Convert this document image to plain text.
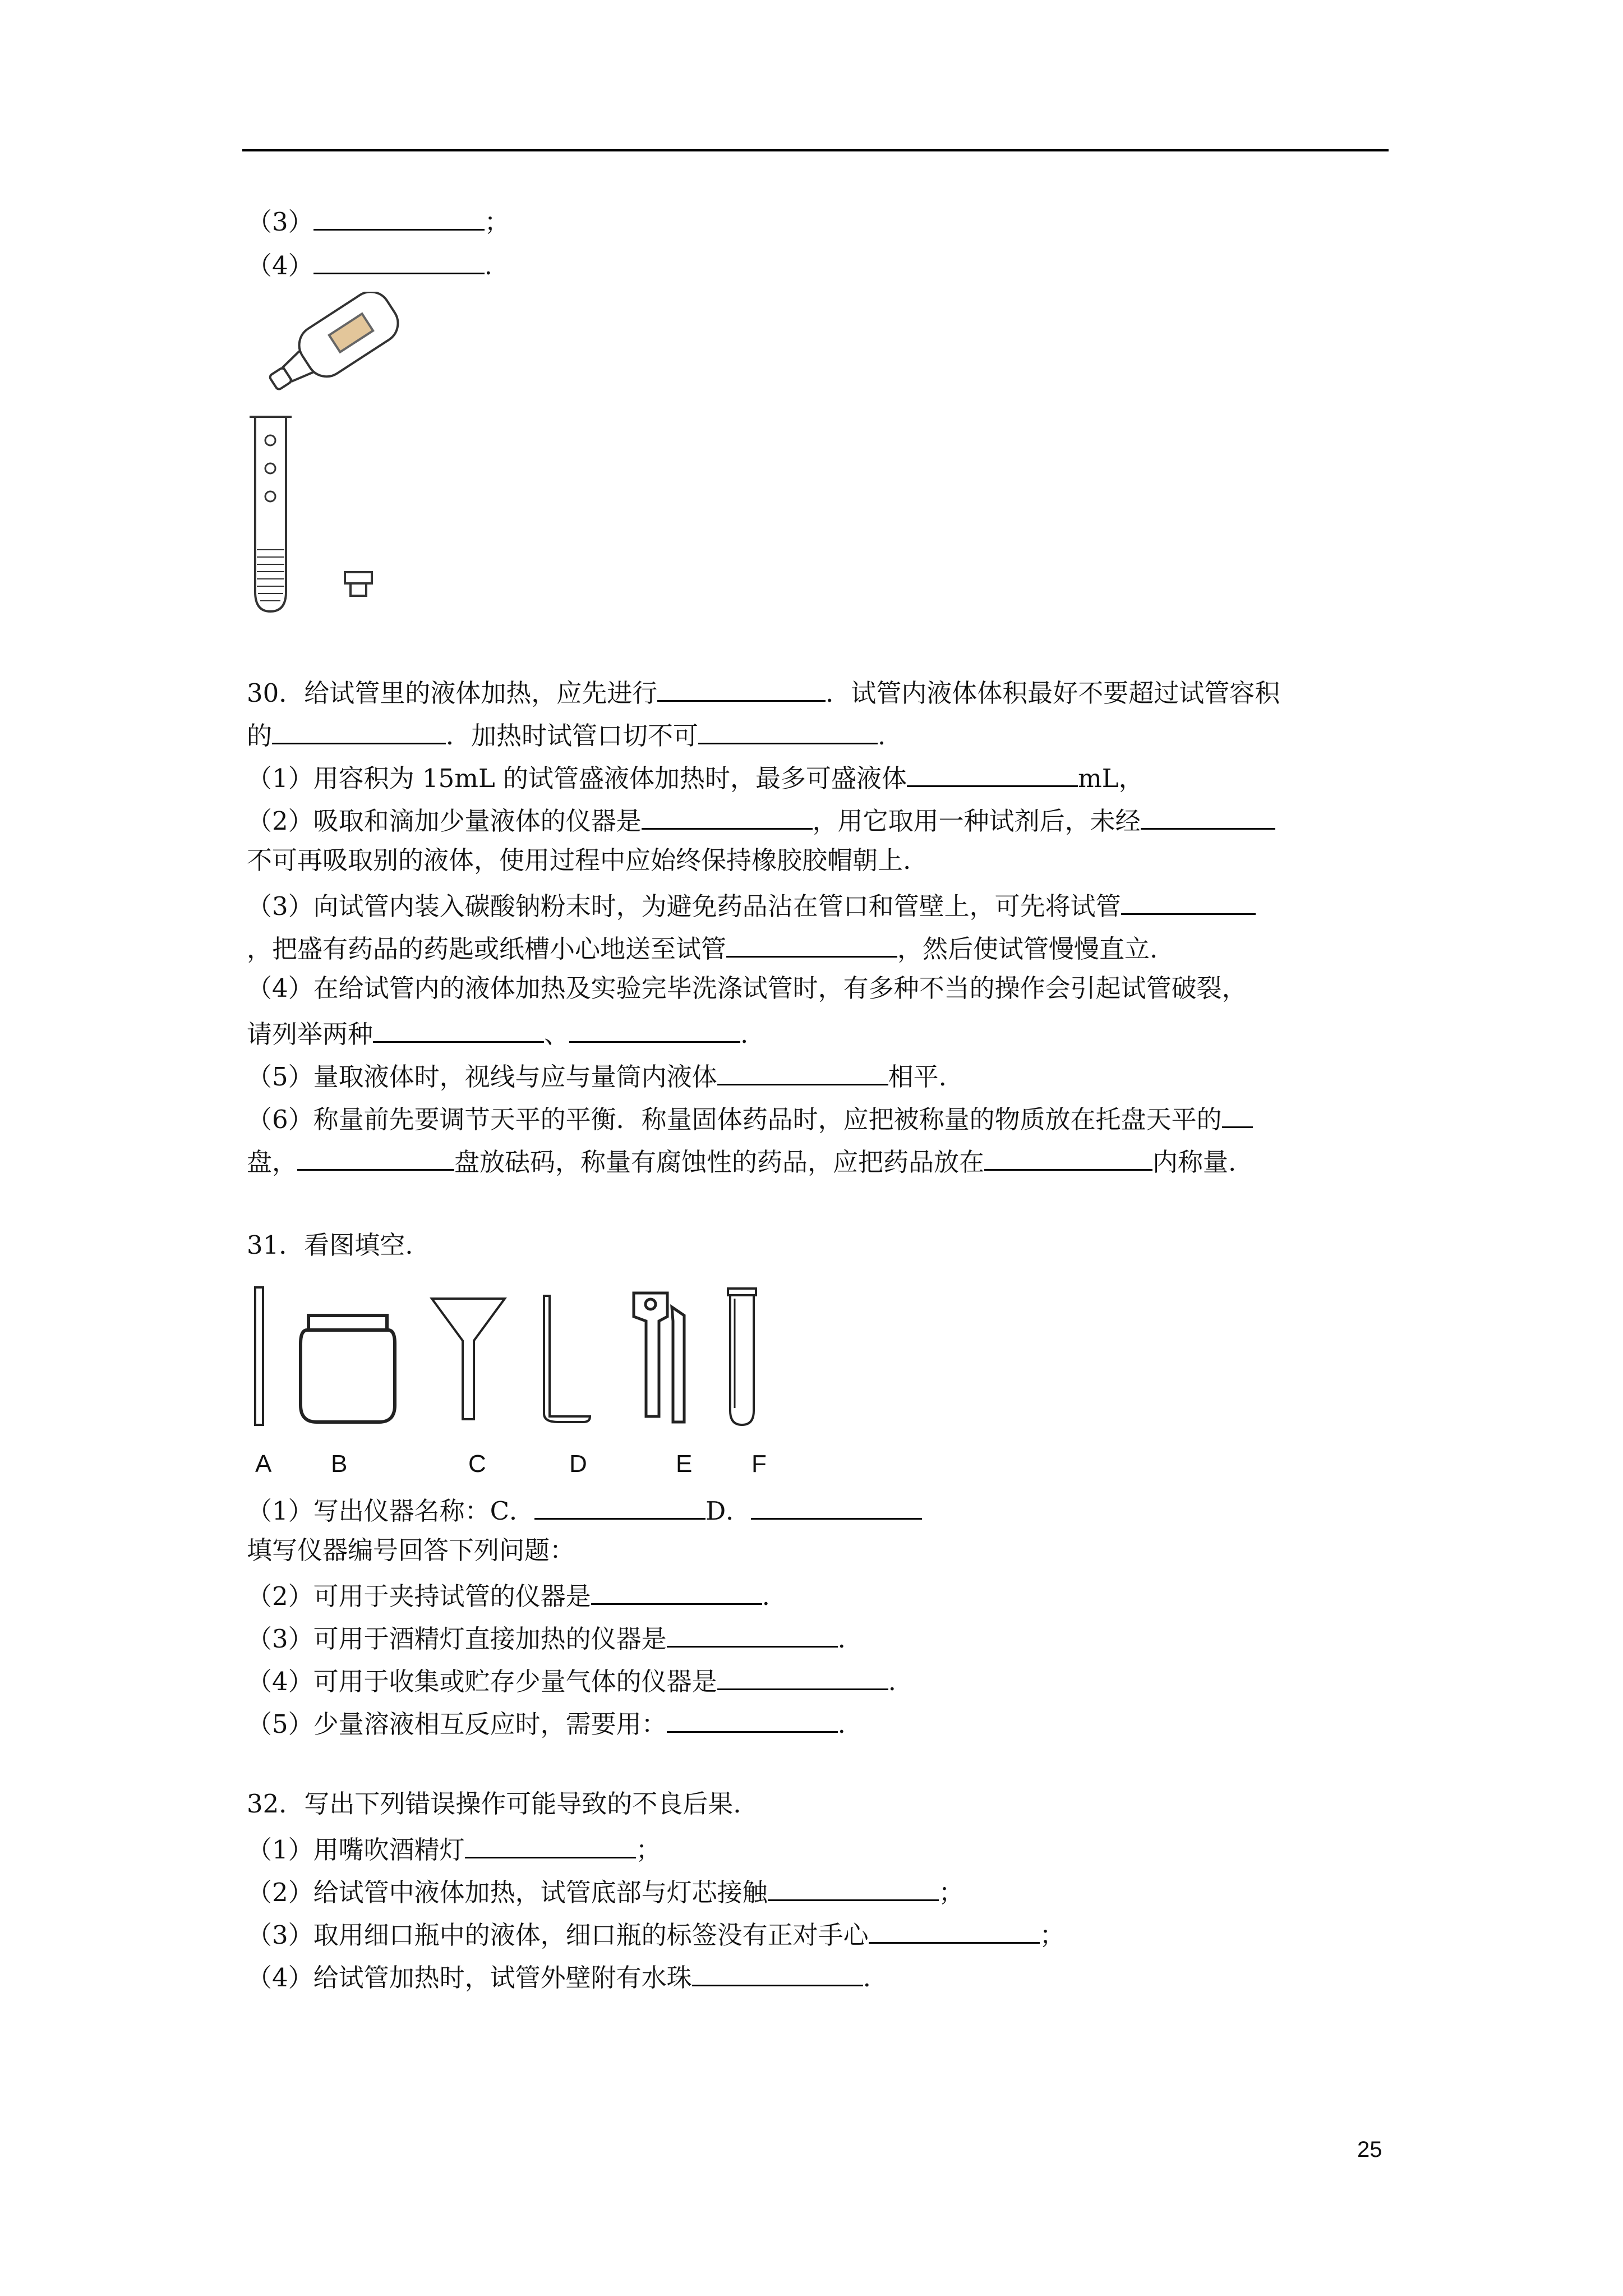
（3）	；
（4）	.
30．给试管里的液体加热，应先进行	．试管内液体体积最好不要超过试管容积
的	．加热时试管口切不可	.
（1）用容积为 15mL 的试管盛液体加热时，最多可盛液体	mL，
（2）吸取和滴加少量液体的仪器是	，用它取用一种试剂后，未经
不可再吸取别的液体，使用过程中应始终保持橡胶胶帽朝上.
（3）向试管内装入碳酸钠粉末时，为避免药品沾在管口和管壁上，可先将试管
，把盛有药品的药匙或纸槽小心地送至试管	，然后使试管慢慢直立.
（4）在给试管内的液体加热及实验完毕洗涤试管时，有多种不当的操作会引起试管破裂，
请列举两种	、	.
（5）量取液体时，视线与应与量筒内液体	相平.
（6）称量前先要调节天平的平衡．称量固体药品时，应把被称量的物质放在托盘天平的
盘，	盘放砝码，称量有腐蚀性的药品，应把药品放在	内称量.
31．看图填空.
A B	C	D	E F
（1）写出仪器名称：C．	D．
填写仪器编号回答下列问题：
（2）可用于夹持试管的仪器是	.
（3）可用于酒精灯直接加热的仪器是	.
（4）可用于收集或贮存少量气体的仪器是	.
（5）少量溶液相互反应时，需要用：	.
32．写出下列错误操作可能导致的不良后果.
（1）用嘴吹酒精灯	；
（2）给试管中液体加热，试管底部与灯芯接触	；
（3）取用细口瓶中的液体，细口瓶的标签没有正对手心	；
（4）给试管加热时，试管外壁附有水珠	.
25
